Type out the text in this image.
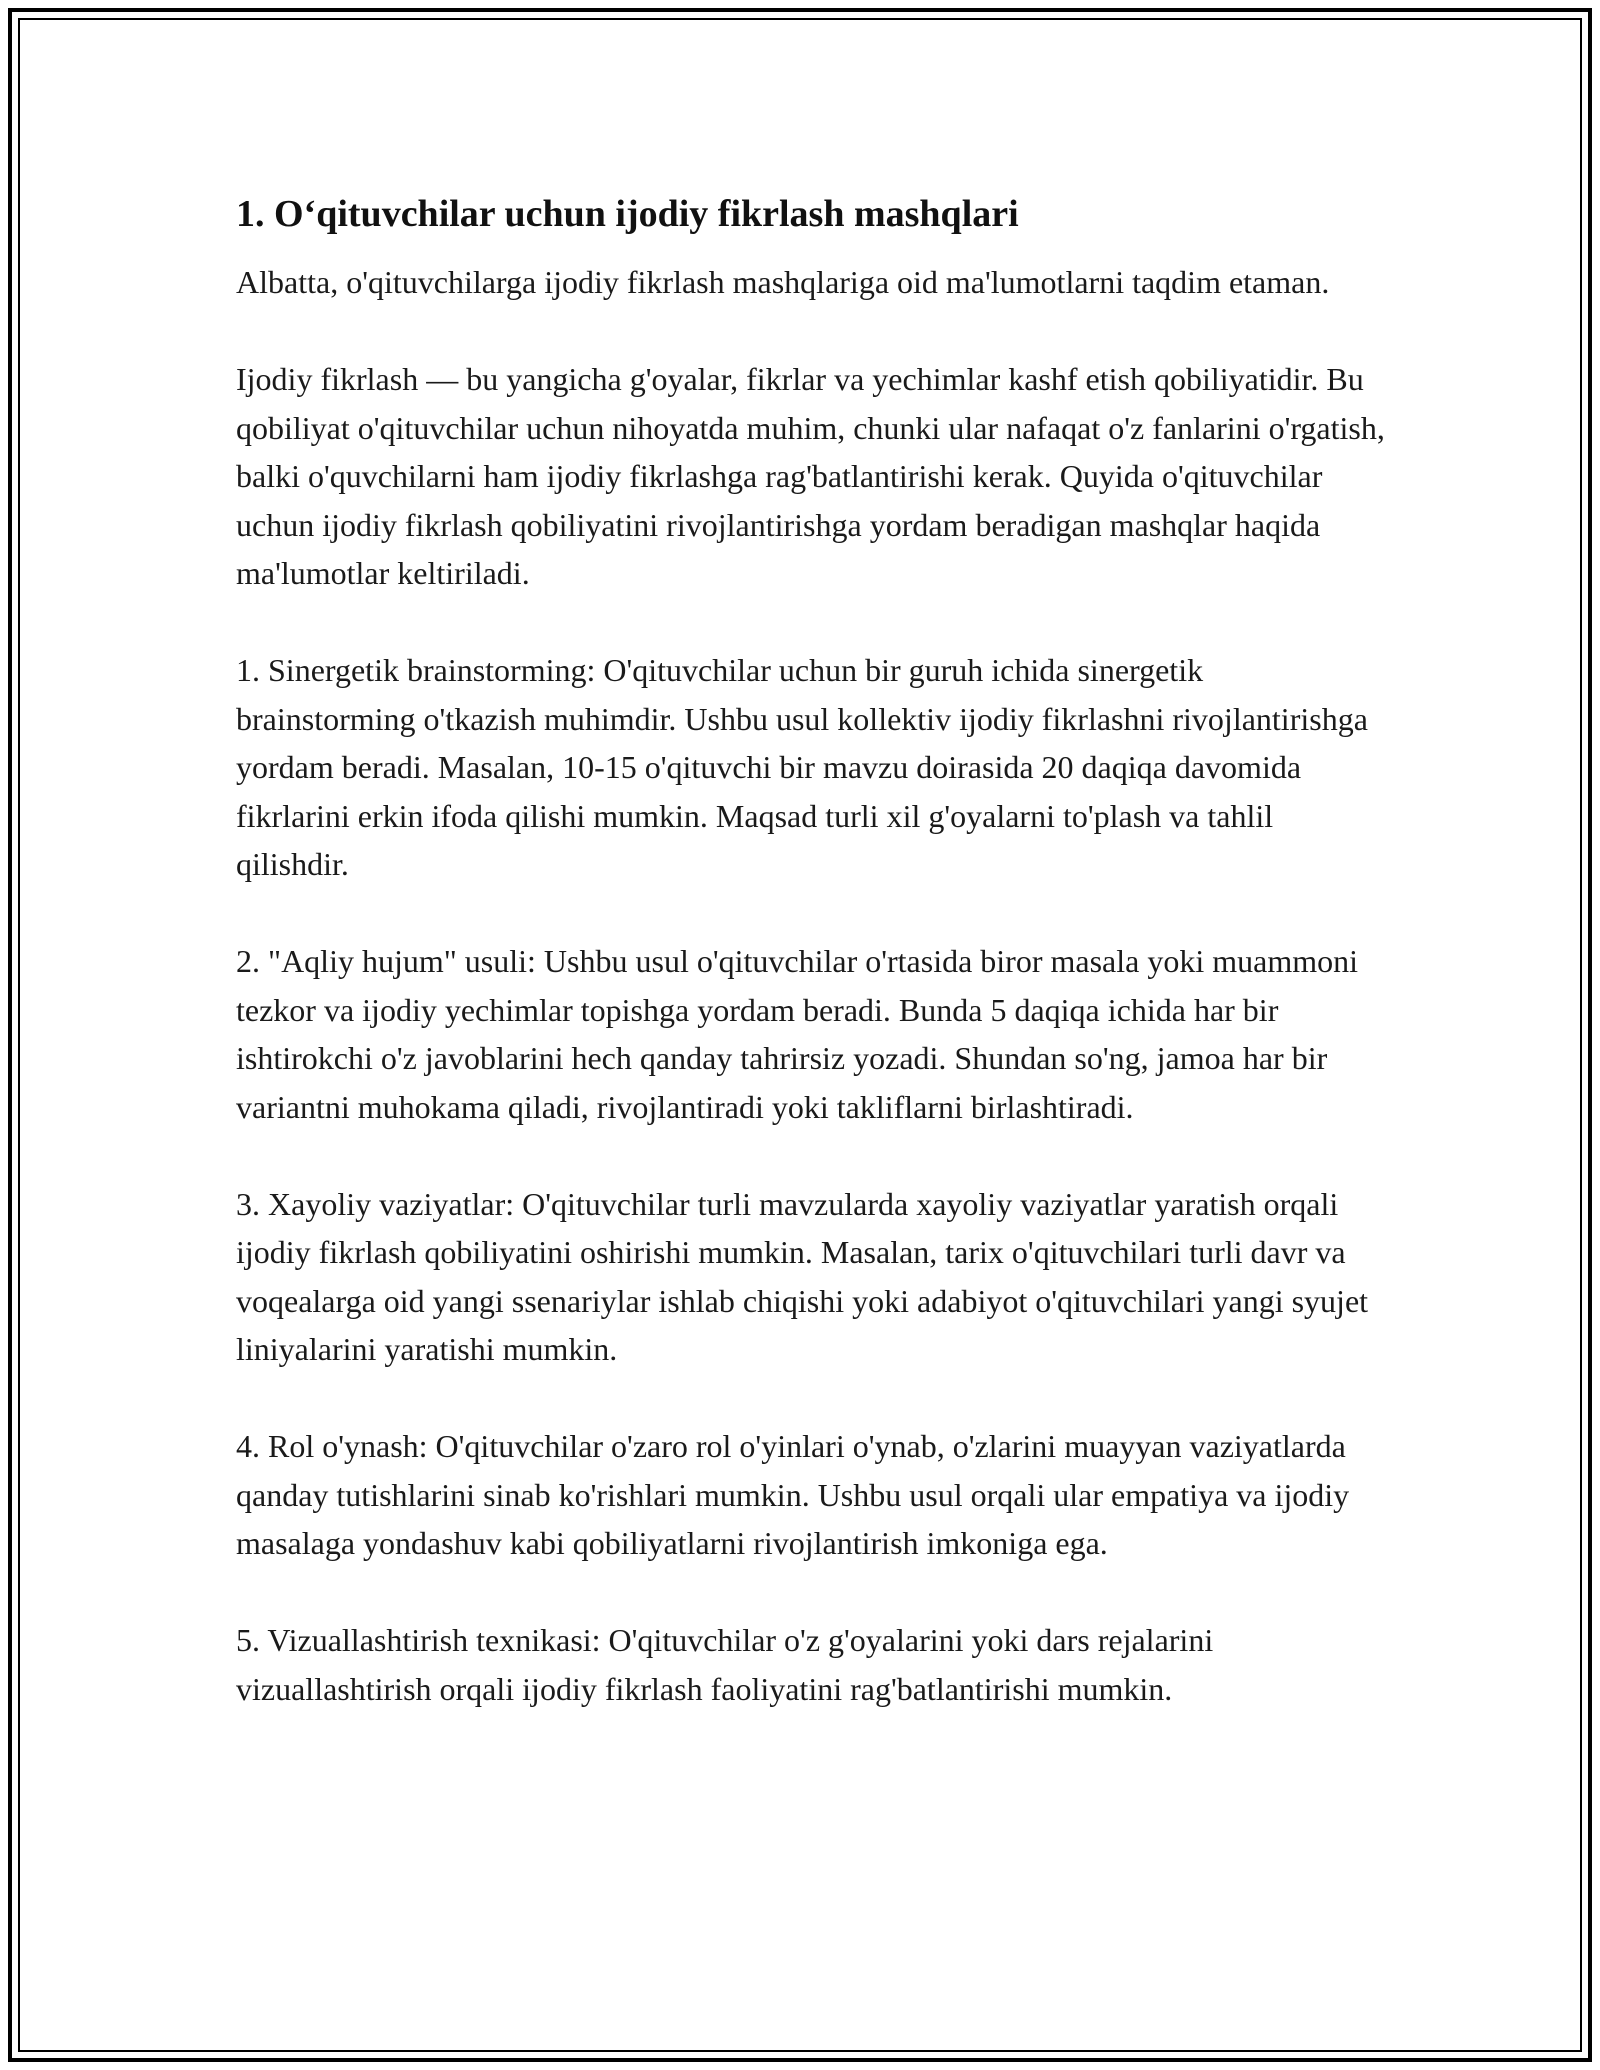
1. O‘qituvchilar uchun ijodiy fikrlash mashqlari

Albatta, o'qituvchilarga ijodiy fikrlash mashqlariga oid ma'lumotlarni taqdim etaman.

Ijodiy fikrlash — bu yangicha g'oyalar, fikrlar va yechimlar kashf etish qobiliyatidir. Bu qobiliyat o'qituvchilar uchun nihoyatda muhim, chunki ular nafaqat o'z fanlarini o'rgatish, balki o'quvchilarni ham ijodiy fikrlashga rag'batlantirishi kerak. Quyida o'qituvchilar uchun ijodiy fikrlash qobiliyatini rivojlantirishga yordam beradigan mashqlar haqida ma'lumotlar keltiriladi.

1. Sinergetik brainstorming: O'qituvchilar uchun bir guruh ichida sinergetik brainstorming o'tkazish muhimdir. Ushbu usul kollektiv ijodiy fikrlashni rivojlantirishga yordam beradi. Masalan, 10-15 o'qituvchi bir mavzu doirasida 20 daqiqa davomida fikrlarini erkin ifoda qilishi mumkin. Maqsad turli xil g'oyalarni to'plash va tahlil qilishdir.

2. "Aqliy hujum" usuli: Ushbu usul o'qituvchilar o'rtasida biror masala yoki muammoni tezkor va ijodiy yechimlar topishga yordam beradi. Bunda 5 daqiqa ichida har bir ishtirokchi o'z javoblarini hech qanday tahrirsiz yozadi. Shundan so'ng, jamoa har bir variantni muhokama qiladi, rivojlantiradi yoki takliflarni birlashtiradi.

3. Xayoliy vaziyatlar: O'qituvchilar turli mavzularda xayoliy vaziyatlar yaratish orqali ijodiy fikrlash qobiliyatini oshirishi mumkin. Masalan, tarix o'qituvchilari turli davr va voqealarga oid yangi ssenariylar ishlab chiqishi yoki adabiyot o'qituvchilari yangi syujet liniyalarini yaratishi mumkin.

4. Rol o'ynash: O'qituvchilar o'zaro rol o'yinlari o'ynab, o'zlarini muayyan vaziyatlarda qanday tutishlarini sinab ko'rishlari mumkin. Ushbu usul orqali ular empatiya va ijodiy masalaga yondashuv kabi qobiliyatlarni rivojlantirish imkoniga ega.

5. Vizuallashtirish texnikasi: O'qituvchilar o'z g'oyalarini yoki dars rejalarini vizuallashtirish orqali ijodiy fikrlash faoliyatini rag'batlantirishi mumkin.
